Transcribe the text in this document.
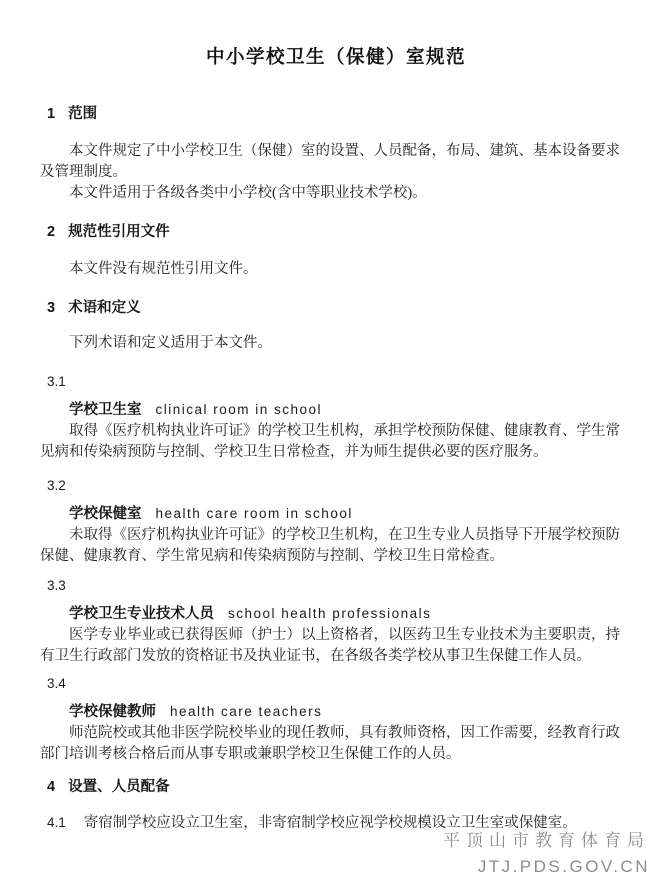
中小学校卫生（保健）室规范
1 范围

本文件规定了中小学校卫生（保健）室的设置、人员配备，布局、建筑、基本设备要求及管理制度。

本文件适用于各级各类中小学校(含中等职业技术学校)。

2 规范性引用文件

本文件没有规范性引用文件。

3 术语和定义

下列术语和定义适用于本文件。

3.1
学校卫生室 clinical room in school

取得《医疗机构执业许可证》的学校卫生机构，承担学校预防保健、健康教育、学生常见病和传染病预防与控制、学校卫生日常检查，并为师生提供必要的医疗服务。

3.2
学校保健室 health care room in school

未取得《医疗机构执业许可证》的学校卫生机构，在卫生专业人员指导下开展学校预防保健、健康教育、学生常见病和传染病预防与控制、学校卫生日常检查。

3.3
学校卫生专业技术人员 school health professionals

医学专业毕业或已获得医师（护士）以上资格者，以医药卫生专业技术为主要职责，持有卫生行政部门发放的资格证书及执业证书，在各级各类学校从事卫生保健工作人员。

3.4
学校保健教师 health care teachers

师范院校或其他非医学院校毕业的现任教师，具有教师资格，因工作需要，经教育行政部门培训考核合格后而从事专职或兼职学校卫生保健工作的人员。

4 设置、人员配备

4.1 寄宿制学校应设立卫生室，非寄宿制学校应视学校规模设立卫生室或保健室。

平顶山市教育体育局
JTJ.PDS.GOV.CN
